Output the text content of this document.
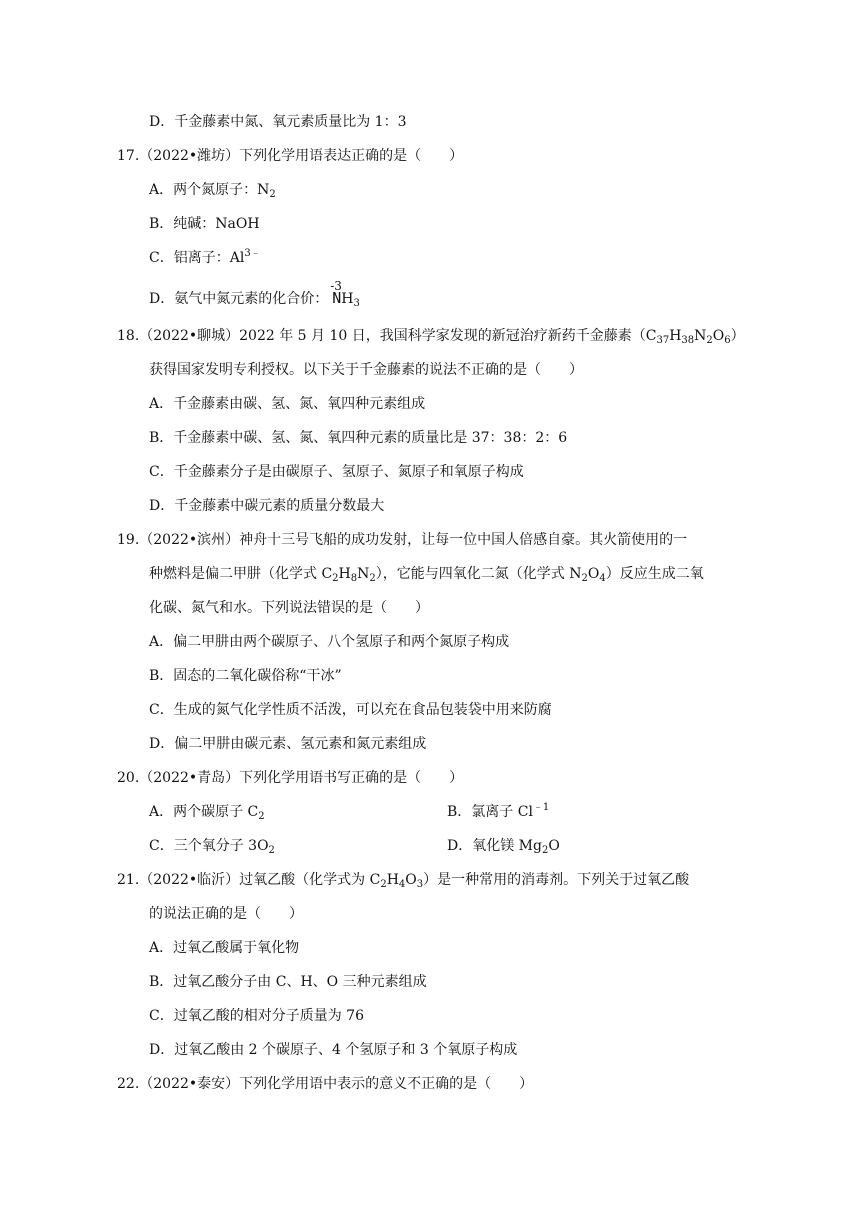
D．千金藤素中氮、氧元素质量比为 1：3
17.（2022•潍坊）下列化学用语表达正确的是（　　）
A．两个氮原子：$N_2$
B．纯碱：NaOH
C．铝离子：$Al^{3﹣}$
D．氨气中氮元素的化合价：
-3
$NH_3$
18.（2022•聊城）2022 年 5 月 10 日，我国科学家发现的新冠治疗新药千金藤素$(C_{37}H_{38}N_2O_6)$
获得国家发明专利授权。以下关于千金藤素的说法不正确的是（　　）
A．千金藤素由碳、氢、氮、氧四种元素组成
B．千金藤素中碳、氢、氮、氧四种元素的质量比是 37：38：2：6
C．千金藤素分子是由碳原子、氢原子、氮原子和氧原子构成
D．千金藤素中碳元素的质量分数最大
19.（2022•滨州）神舟十三号飞船的成功发射，让每一位中国人倍感自豪。其火箭使用的一
种燃料是偏二甲肼（化学式 $C_2H_8N_2$），它能与四氧化二氮（化学式 $N_2O_4$）反应生成二氧
化碳、氮气和水。下列说法错误的是（　　）
A．偏二甲肼由两个碳原子、八个氢原子和两个氮原子构成
B．固态的二氧化碳俗称“干冰”
C．生成的氮气化学性质不活泼，可以充在食品包装袋中用来防腐
D．偏二甲肼由碳元素、氢元素和氮元素组成
20.（2022•青岛）下列化学用语书写正确的是（　　）
A．两个碳原子 $C_2$	B．氯离子 $Cl^{﹣1}$
C．三个氧分子 $3O_2$	D．氧化镁 $Mg_2O$
21.（2022•临沂）过氧乙酸（化学式为 $C_2H_4O_3$）是一种常用的消毒剂。下列关于过氧乙酸
的说法正确的是（　　）
A．过氧乙酸属于氧化物
B．过氧乙酸分子由 C、H、O 三种元素组成
C．过氧乙酸的相对分子质量为 76
D．过氧乙酸由 2 个碳原子、4 个氢原子和 3 个氧原子构成
22.（2022•泰安）下列化学用语中表示的意义不正确的是（　　）
